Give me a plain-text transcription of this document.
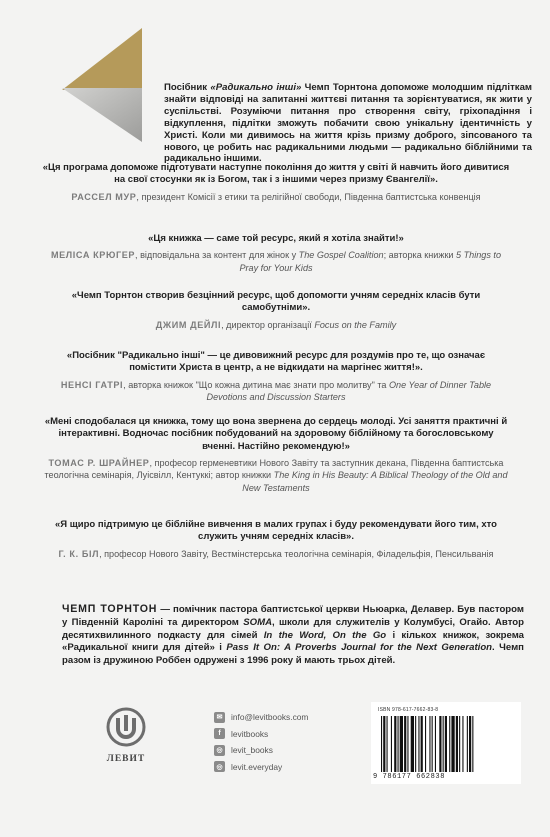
Посібник «Радикально інші» Чемп Торнтона допоможе молодшим підліткам знайти відповіді на запитанні життєві питання та зорієнтуватися, як жити у суспільстві. Розуміючи питання про створення світу, гріхопадіння і відкуплення, підлітки зможуть побачити свою унікальну ідентичність у Христі. Коли ми дивимось на життя крізь призму доброго, зіпсованого та нового, це робить нас радикальними людьми — радикально біблійними та радикально іншими.
«Ця програма допоможе підготувати наступне покоління до життя у світі й навчить його дивитися на свої стосунки як із Богом, так і з іншими через призму Євангелії».
РАССЕЛ МУР, президент Комісії з етики та релігійної свободи, Південна баптистська конвенція
«Ця книжка — саме той ресурс, який я хотіла знайти!»
МЕЛІСА КРЮГЕР, відповідальна за контент для жінок у The Gospel Coalition; авторка книжки 5 Things to Pray for Your Kids
«Чемп Торнтон створив безцінний ресурс, щоб допомогти учням середніх класів бути самобутніми».
ДЖИМ ДЕЙЛІ, директор організації Focus on the Family
«Посібник "Радикально інші" — це дивовижний ресурс для роздумів про те, що означає помістити Христа в центр, а не відкидати на маргінес життя!».
НЕНСІ ГАТРІ, авторка книжок "Що кожна дитина має знати про молитву" та One Year of Dinner Table Devotions and Discussion Starters
«Мені сподобалася ця книжка, тому що вона звернена до сердець молоді. Усі заняття практичні й інтерактивні. Водночас посібник побудований на здоровому біблійному та богословському вченні. Настійно рекомендую!»
ТОМАС Р. ШРАЙНЕР, професор герменевтики Нового Завіту та заступник декана, Південна баптистська теологічна семінарія, Луісвілл, Кентуккі; автор книжки The King in His Beauty: A Biblical Theology of the Old and New Testaments
«Я щиро підтримую це біблійне вивчення в малих групах і буду рекомендувати його тим, хто служить учням середніх класів».
Г. К. БІЛ, професор Нового Завіту, Вестмінстерська теологічна семінарія, Філадельфія, Пенсильванія
ЧЕМП ТОРНТОН — помічник пастора баптистської церкви Ньюарка, Делавер. Був пастором у Південній Кароліні та директором SOMA, школи для служителів у Колумбусі, Огайо. Автор десятихвилинного подкасту для сімей In the Word, On the Go і кількох книжок, зокрема «Радикальної книги для дітей» і Pass It On: A Proverbs Journal for the Next Generation. Чемп разом із дружиною Роббен одружені з 1996 року й мають трьох дітей.
ЛЕВИТ
✉	info@levitbooks.com
f	levitbooks
◎ levit_books
◎ levit.everyday
ISBN 978-617-7662-83-8
9 786177 662838
